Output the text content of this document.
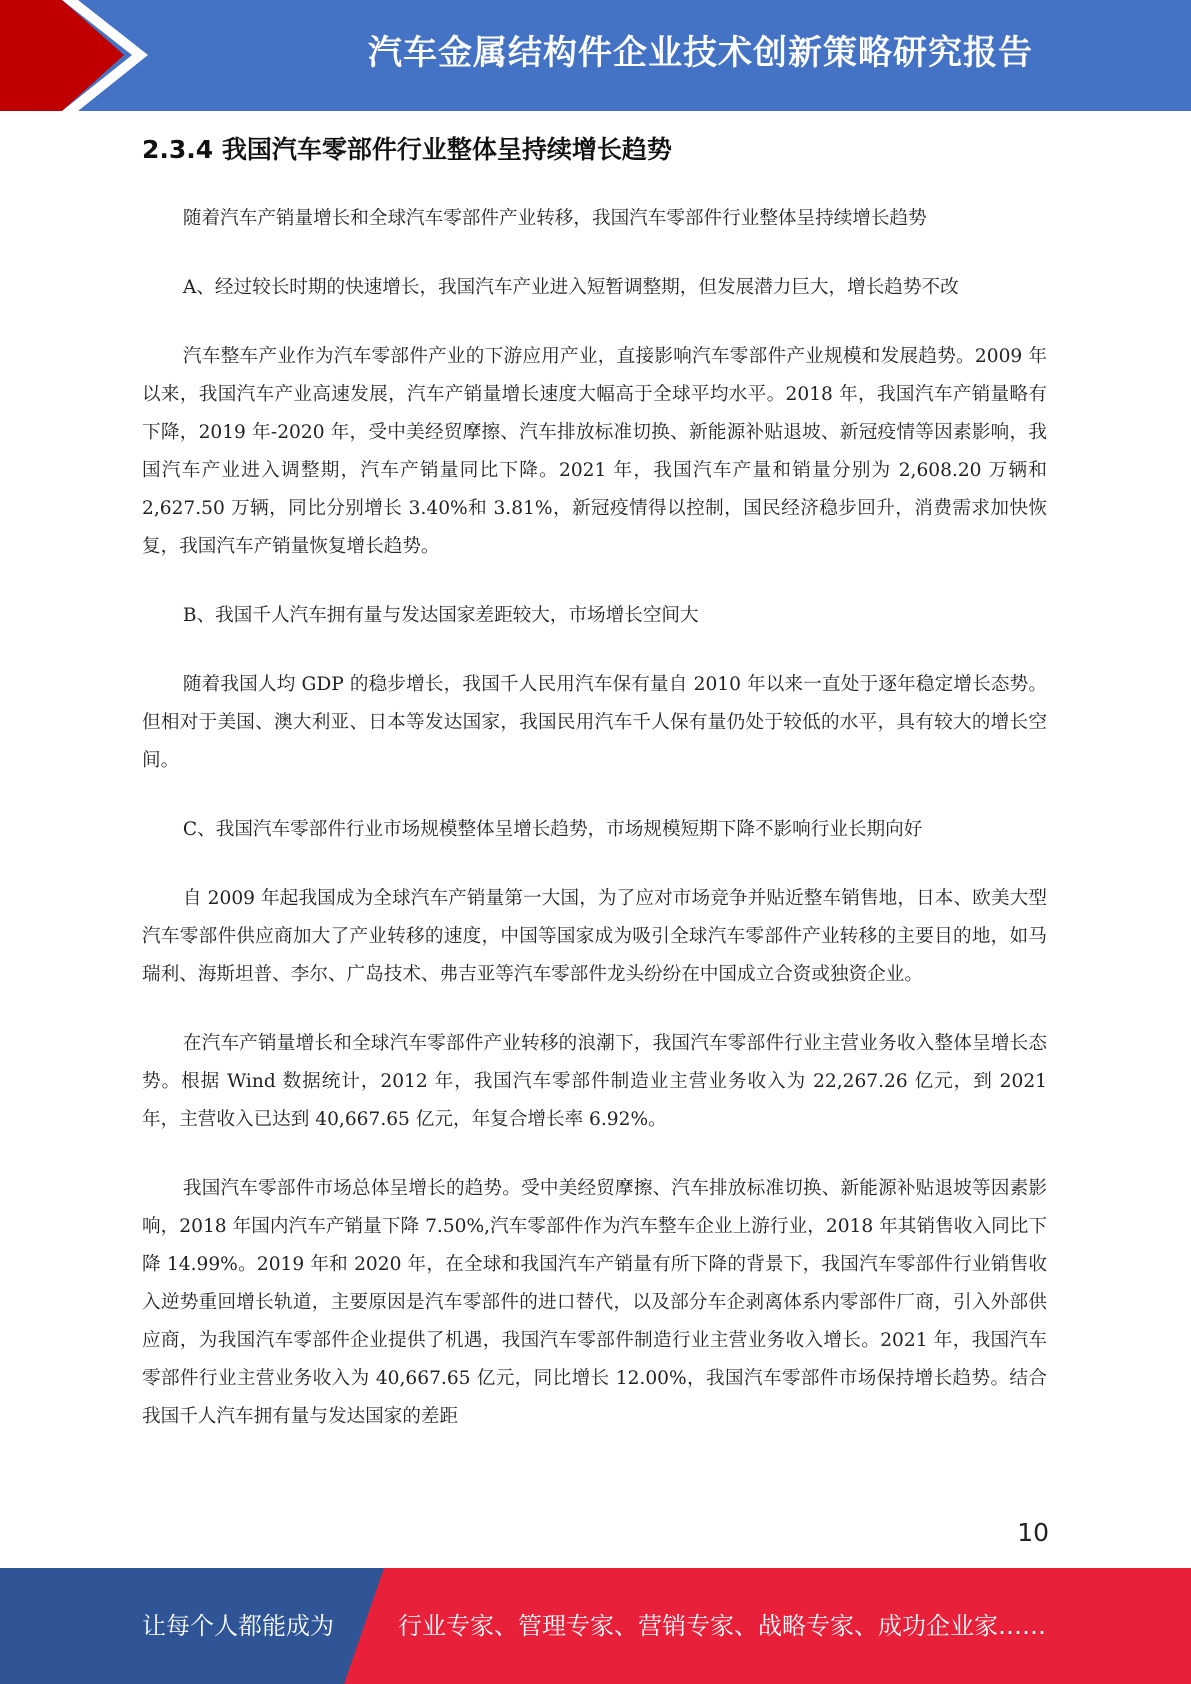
汽车金属结构件企业技术创新策略研究报告
2.3.4 我国汽车零部件行业整体呈持续增长趋势

随着汽车产销量增长和全球汽车零部件产业转移，我国汽车零部件行业整体呈持续增长趋势

A、经过较长时期的快速增长，我国汽车产业进入短暂调整期，但发展潜力巨大，增长趋势不改

汽车整车产业作为汽车零部件产业的下游应用产业，直接影响汽车零部件产业规模和发展趋势。2009 年以来，我国汽车产业高速发展，汽车产销量增长速度大幅高于全球平均水平。2018 年，我国汽车产销量略有下降，2019 年-2020 年，受中美经贸摩擦、汽车排放标准切换、新能源补贴退坡、新冠疫情等因素影响，我国汽车产业进入调整期，汽车产销量同比下降。2021 年，我国汽车产量和销量分别为 2,608.20 万辆和 2,627.50 万辆，同比分别增长 3.40%和 3.81%，新冠疫情得以控制，国民经济稳步回升，消费需求加快恢复，我国汽车产销量恢复增长趋势。

B、我国千人汽车拥有量与发达国家差距较大，市场增长空间大

随着我国人均 GDP 的稳步增长，我国千人民用汽车保有量自 2010 年以来一直处于逐年稳定增长态势。但相对于美国、澳大利亚、日本等发达国家，我国民用汽车千人保有量仍处于较低的水平，具有较大的增长空间。

C、我国汽车零部件行业市场规模整体呈增长趋势，市场规模短期下降不影响行业长期向好

自 2009 年起我国成为全球汽车产销量第一大国，为了应对市场竞争并贴近整车销售地，日本、欧美大型汽车零部件供应商加大了产业转移的速度，中国等国家成为吸引全球汽车零部件产业转移的主要目的地，如马瑞利、海斯坦普、李尔、广岛技术、弗吉亚等汽车零部件龙头纷纷在中国成立合资或独资企业。

在汽车产销量增长和全球汽车零部件产业转移的浪潮下，我国汽车零部件行业主营业务收入整体呈增长态势。根据 Wind 数据统计，2012 年，我国汽车零部件制造业主营业务收入为 22,267.26 亿元，到 2021 年，主营收入已达到 40,667.65 亿元，年复合增长率 6.92%。

我国汽车零部件市场总体呈增长的趋势。受中美经贸摩擦、汽车排放标准切换、新能源补贴退坡等因素影响，2018 年国内汽车产销量下降 7.50%,汽车零部件作为汽车整车企业上游行业，2018 年其销售收入同比下降 14.99%。2019 年和 2020 年，在全球和我国汽车产销量有所下降的背景下，我国汽车零部件行业销售收入逆势重回增长轨道，主要原因是汽车零部件的进口替代，以及部分车企剥离体系内零部件厂商，引入外部供应商，为我国汽车零部件企业提供了机遇，我国汽车零部件制造行业主营业务收入增长。2021 年，我国汽车零部件行业主营业务收入为 40,667.65 亿元，同比增长 12.00%，我国汽车零部件市场保持增长趋势。结合我国千人汽车拥有量与发达国家的差距

10
让每个人都能成为	行业专家、管理专家、营销专家、战略专家、成功企业家……
